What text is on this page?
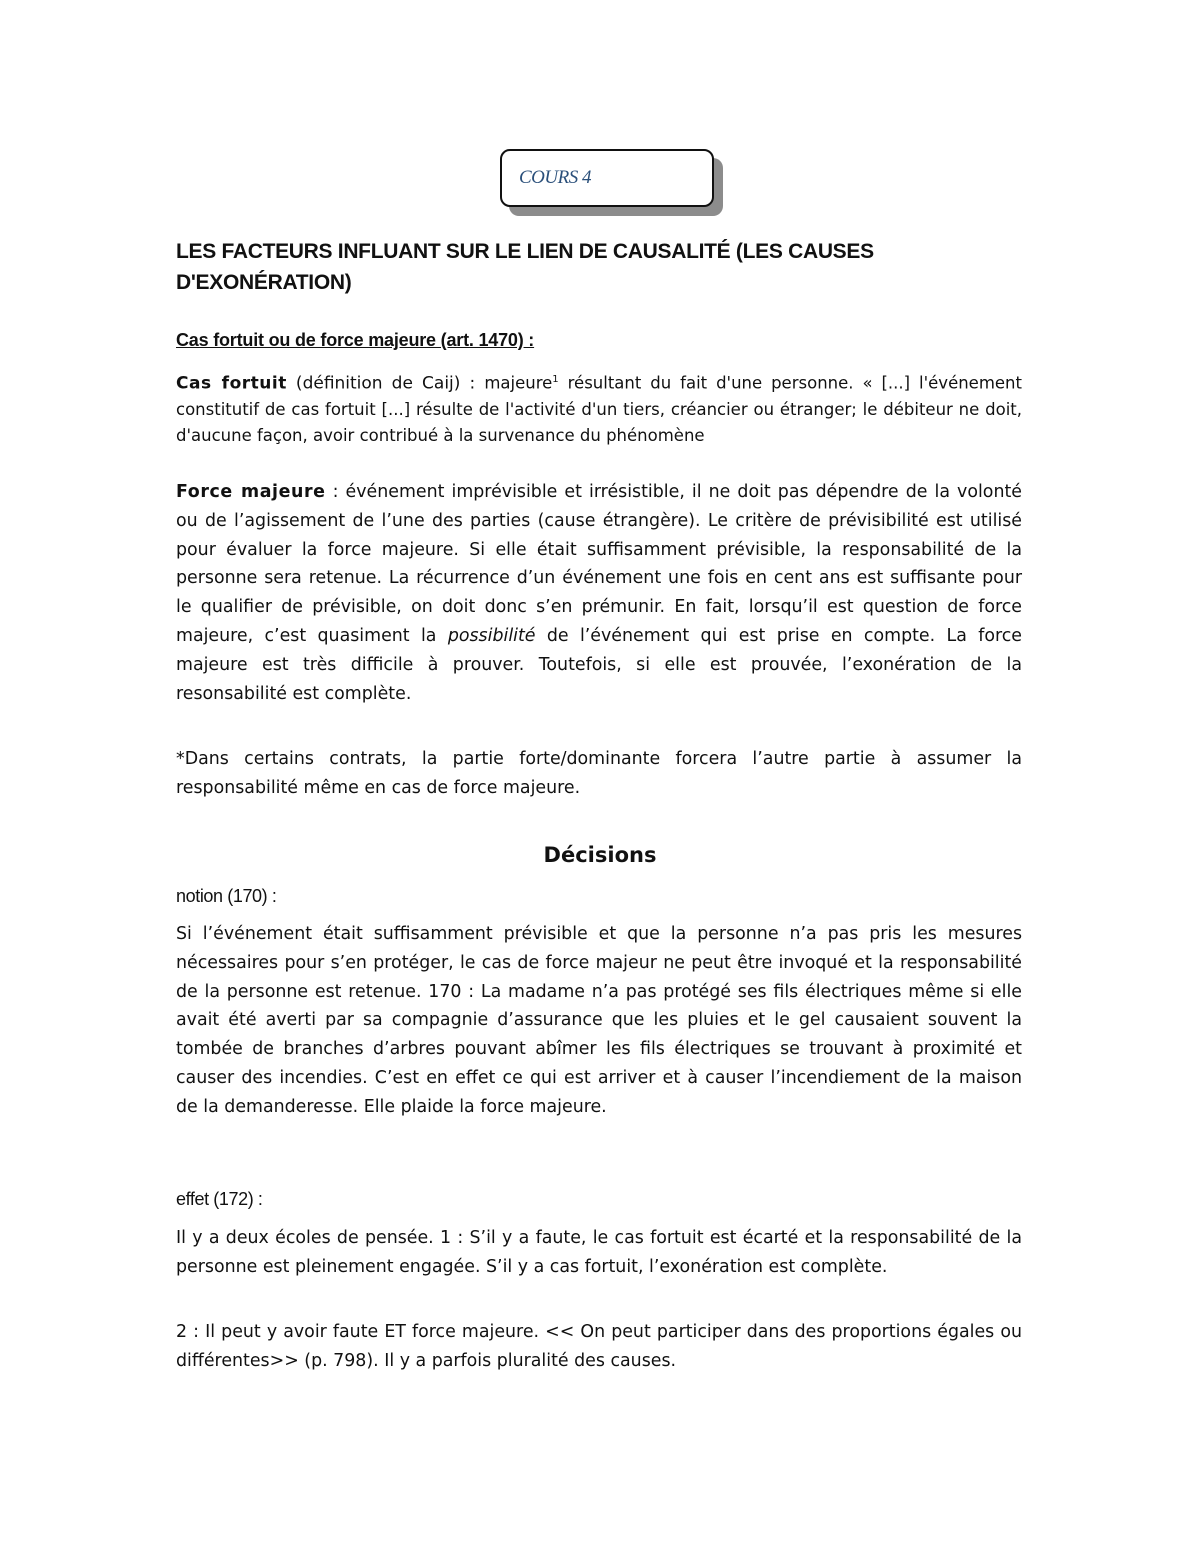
COURS 4
LES FACTEURS INFLUANT SUR LE LIEN DE CAUSALITÉ (LES CAUSES D'EXONÉRATION)

Cas fortuit ou de force majeure (art. 1470) :

Cas fortuit (définition de Caij) : majeure$^1$ résultant du fait d'une personne. « [...] l'événement constitutif de cas fortuit [...] résulte de l'activité d'un tiers, créancier ou étranger; le débiteur ne doit, d'aucune façon, avoir contribué à la survenance du phénomène

Force majeure : événement imprévisible et irrésistible, il ne doit pas dépendre de la volonté ou de l’agissement de l’une des parties (cause étrangère). Le critère de prévisibilité est utilisé pour évaluer la force majeure. Si elle était suffisamment prévisible, la responsabilité de la personne sera retenue. La récurrence d’un événement une fois en cent ans est suffisante pour le qualifier de prévisible, on doit donc s’en prémunir. En fait, lorsqu’il est question de force majeure, c’est quasiment la possibilité de l’événement qui est prise en compte. La force majeure est très difficile à prouver. Toutefois, si elle est prouvée, l’exonération de la resonsabilité est complète.

*Dans certains contrats, la partie forte/dominante forcera l’autre partie à assumer la responsabilité même en cas de force majeure.

Décisions

notion (170) :

Si l’événement était suffisamment prévisible et que la personne n’a pas pris les mesures nécessaires pour s’en protéger, le cas de force majeur ne peut être invoqué et la responsabilité de la personne est retenue. 170 : La madame n’a pas protégé ses fils électriques même si elle avait été averti par sa compagnie d’assurance que les pluies et le gel causaient souvent la tombée de branches d’arbres pouvant abîmer les fils électriques se trouvant à proximité et causer des incendies. C’est en effet ce qui est arriver et à causer l’incendiement de la maison de la demanderesse. Elle plaide la force majeure.

effet (172) :

Il y a deux écoles de pensée. 1 : S’il y a faute, le cas fortuit est écarté et la responsabilité de la personne est pleinement engagée. S’il y a cas fortuit, l’exonération est complète.

2 : Il peut y avoir faute ET force majeure. << On peut participer dans des proportions égales ou différentes>> (p. 798). Il y a parfois pluralité des causes.
